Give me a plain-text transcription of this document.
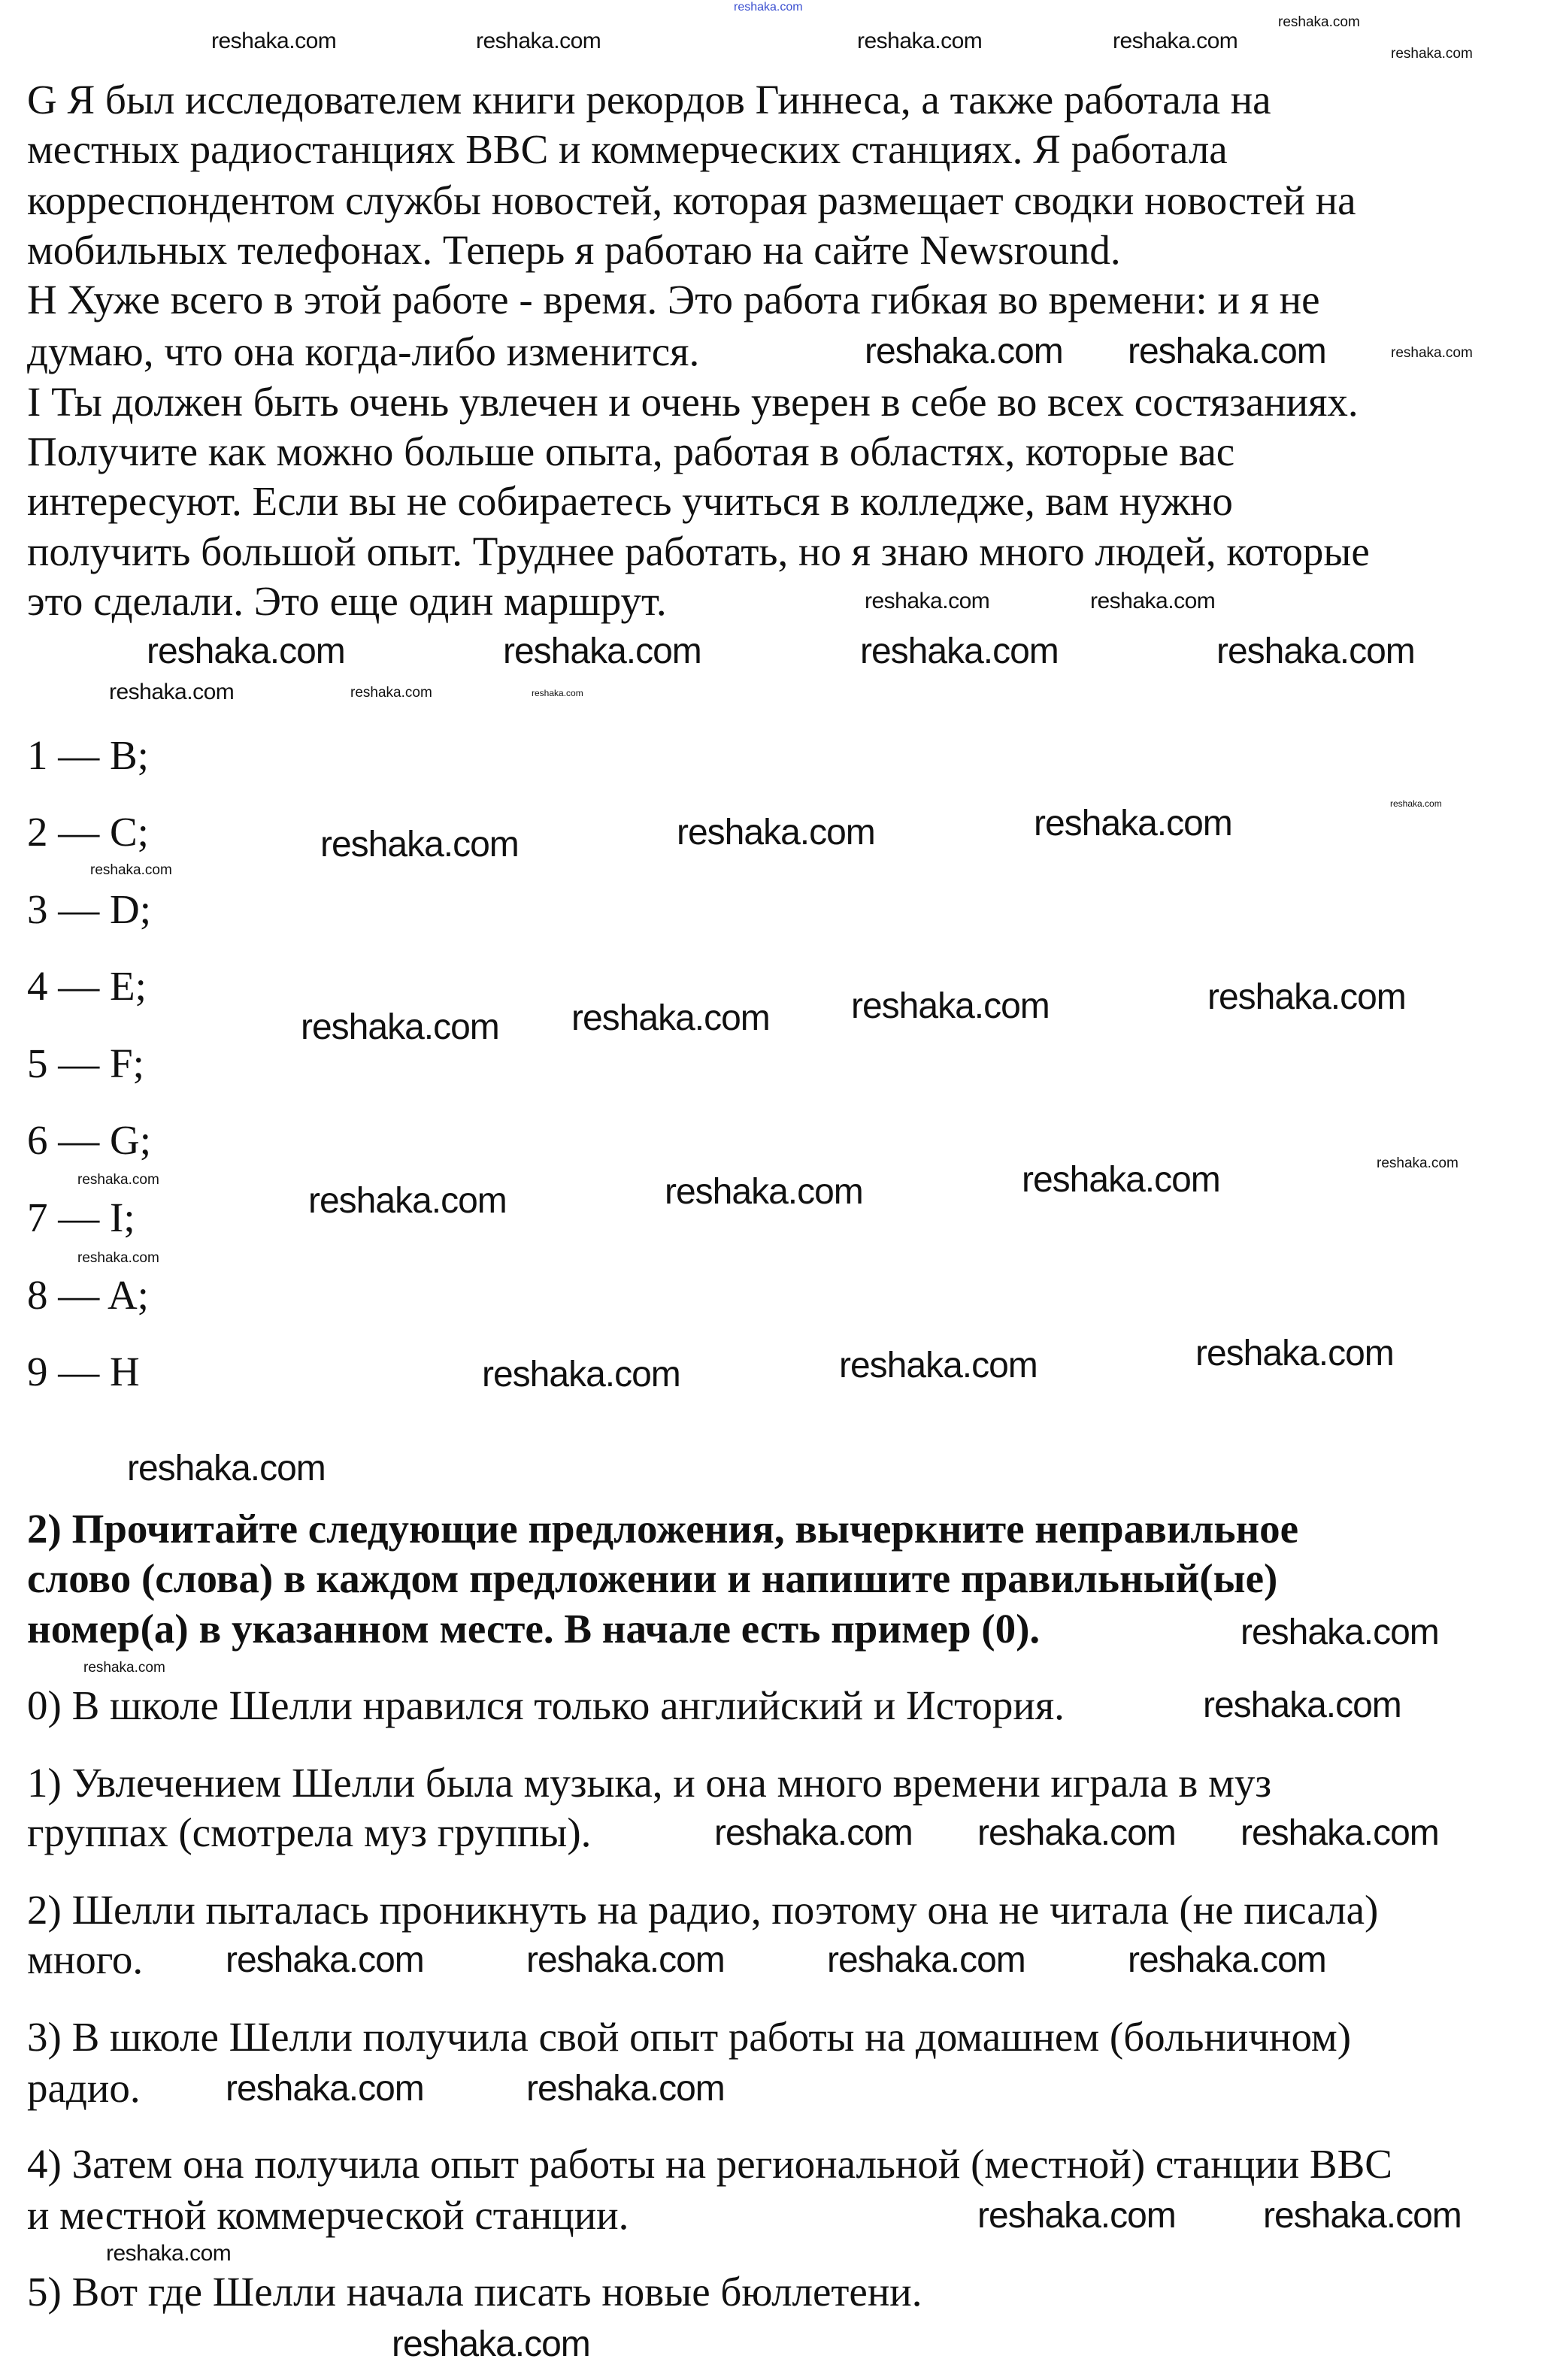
G Я был исследователем книги рекордов Гиннеса, а также работала на
местных радиостанциях BBC и коммерческих станциях. Я работала
корреспондентом службы новостей, которая размещает сводки новостей на
мобильных телефонах. Теперь я работаю на сайте Newsround.
H Хуже всего в этой работе - время. Это работа гибкая во времени: и я не
думаю, что она когда-либо изменится.
I Ты должен быть очень увлечен и очень уверен в себе во всех состязаниях.
Получите как можно больше опыта, работая в областях, которые вас
интересуют. Если вы не собираетесь учиться в колледже, вам нужно
получить большой опыт. Труднее работать, но я знаю много людей, которые
это сделали. Это еще один маршрут.
1 — B;
2 — C;
3 — D;
4 — E;
5 — F;
6 — G;
7 — I;
8 — A;
9 — H
2) Прочитайте следующие предложения, вычеркните неправильное
слово (слова) в каждом предложении и напишите правильный(ые)
номер(а) в указанном месте. В начале есть пример (0).
0) В школе Шелли нравился только английский и История.
1) Увлечением Шелли была музыка, и она много времени играла в муз
группах (смотрела муз группы).
2) Шелли пыталась проникнуть на радио, поэтому она не читала (не писала)
много.
3) В школе Шелли получила свой опыт работы на домашнем (больничном)
радио.
4) Затем она получила опыт работы на региональной (местной) станции BBC
и местной коммерческой станции.
5) Вот где Шелли начала писать новые бюллетени.
reshaka.com
reshaka.com
reshaka.com	reshaka.com	reshaka.com	reshaka.com
reshaka.com
reshaka.com reshaka.com	reshaka.com
reshaka.com	reshaka.com
reshaka.com	reshaka.com	reshaka.com	reshaka.com
reshaka.com	reshaka.com	reshaka.com
reshaka.com
reshaka.com	reshaka.com	reshaka.com
reshaka.com
reshaka.com reshaka.com reshaka.com	reshaka.com
reshaka.com
reshaka.com	reshaka.com	reshaka.com	reshaka.com
reshaka.com
reshaka.com	reshaka.com	reshaka.com
reshaka.com
reshaka.com
reshaka.com
reshaka.com
reshaka.com reshaka.com reshaka.com
reshaka.com	reshaka.com	reshaka.com	reshaka.com
reshaka.com	reshaka.com
reshaka.com reshaka.com
reshaka.com
reshaka.com
